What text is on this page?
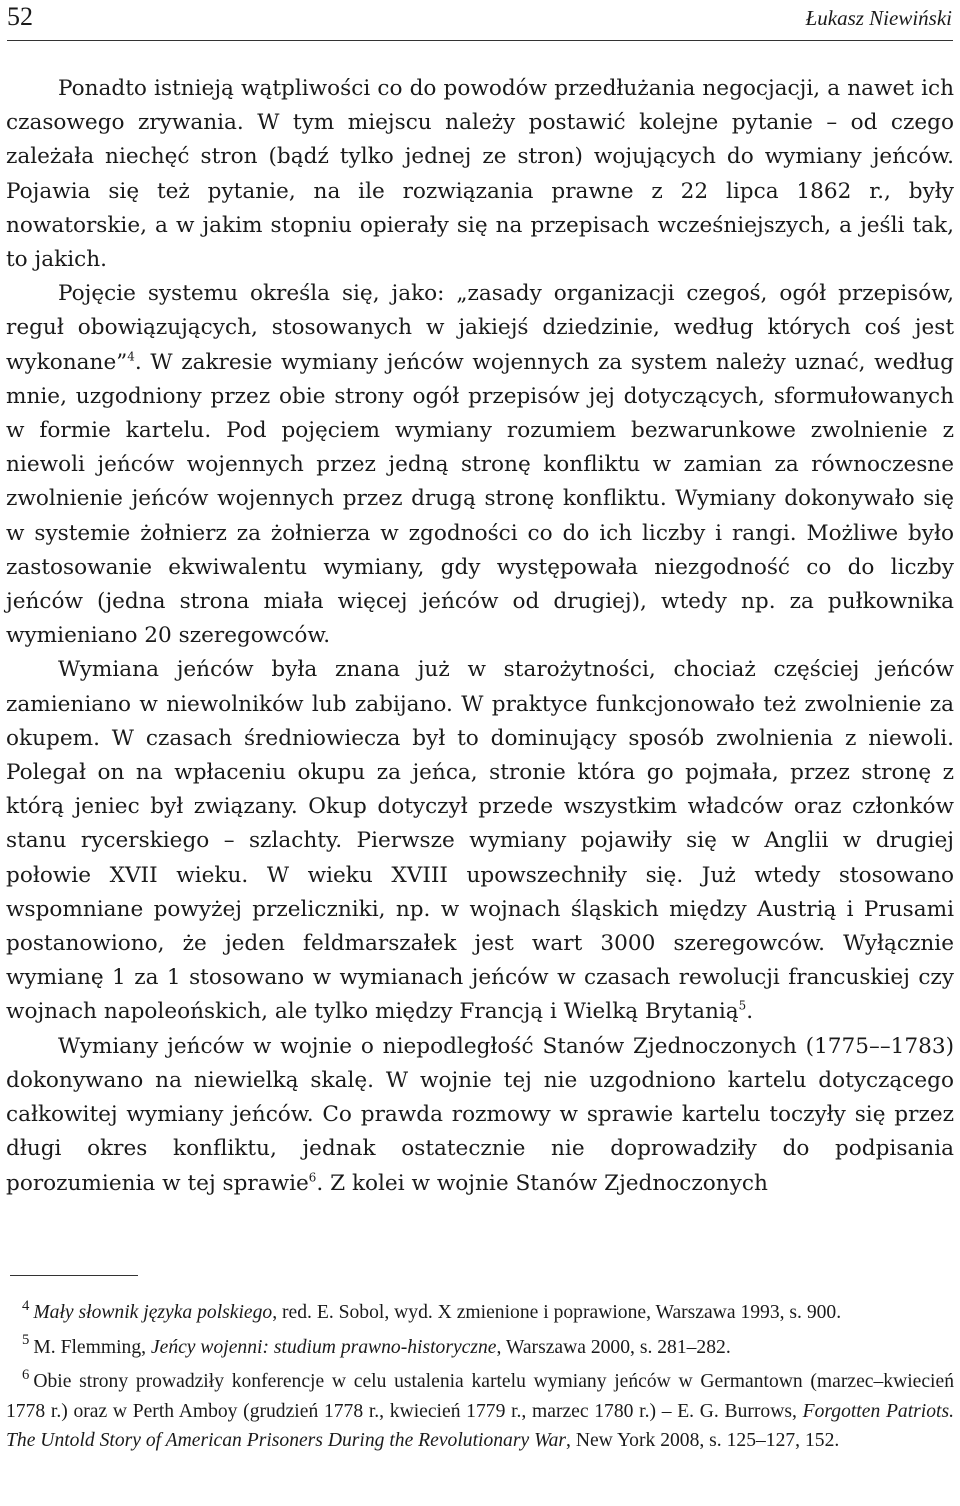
52	Łukasz Niewiński

Ponadto istnieją wątpliwości co do powodów przedłużania negocjacji, a nawet ich czasowego zrywania. W tym miejscu należy postawić kolejne pytanie – od czego zależała niechęć stron (bądź tylko jednej ze stron) wojujących do wymiany jeńców. Pojawia się też pytanie, na ile rozwiązania prawne z 22 lipca 1862 r., były nowatorskie, a w jakim stopniu opierały się na przepisach wcześniejszych, a jeśli tak, to jakich.

Pojęcie systemu określa się, jako: „zasady organizacji czegoś, ogół przepisów, reguł obowiązujących, stosowanych w jakiejś dziedzinie, według których coś jest wykonane”$^4$. W zakresie wymiany jeńców wojennych za system należy uznać, według mnie, uzgodniony przez obie strony ogół przepisów jej dotyczących, sformułowanych w formie kartelu. Pod pojęciem wymiany rozumiem bezwarunkowe zwolnienie z niewoli jeńców wojennych przez jedną stronę konfliktu w zamian za równoczesne zwolnienie jeńców wojennych przez drugą stronę konfliktu. Wymiany dokonywało się w systemie żołnierz za żołnierza w zgodności co do ich liczby i rangi. Możliwe było zastosowanie ekwiwalentu wymiany, gdy występowała niezgodność co do liczby jeńców (jedna strona miała więcej jeńców od drugiej), wtedy np. za pułkownika wymieniano 20 szeregowców.

Wymiana jeńców była znana już w starożytności, chociaż częściej jeńców zamieniano w niewolników lub zabijano. W praktyce funkcjonowało też zwolnienie za okupem. W czasach średniowiecza był to dominujący sposób zwolnienia z niewoli. Polegał on na wpłaceniu okupu za jeńca, stronie która go pojmała, przez stronę z którą jeniec był związany. Okup dotyczył przede wszystkim władców oraz członków stanu rycerskiego – szlachty. Pierwsze wymiany pojawiły się w Anglii w drugiej połowie XVII wieku. W wieku XVIII upowszechniły się. Już wtedy stosowano wspomniane powyżej przeliczniki, np. w wojnach śląskich między Austrią i Prusami postanowiono, że jeden feldmarszałek jest wart 3000 szeregowców. Wyłącznie wymianę 1 za 1 stosowano w wymianach jeńców w czasach rewolucji francuskiej czy wojnach napoleońskich, ale tylko między Francją i Wielką Brytanią$^5$.

Wymiany jeńców w wojnie o niepodległość Stanów Zjednoczonych (1775––1783) dokonywano na niewielką skalę. W wojnie tej nie uzgodniono kartelu dotyczącego całkowitej wymiany jeńców. Co prawda rozmowy w sprawie kartelu toczyły się przez długi okres konfliktu, jednak ostatecznie nie doprowadziły do podpisania porozumienia w tej sprawie$^6$. Z kolei w wojnie Stanów Zjednoczonych

$^4$ Mały słownik języka polskiego, red. E. Sobol, wyd. X zmienione i poprawione, Warszawa 1993, s. 900.

$^5$ M. Flemming, Jeńcy wojenni: studium prawno-historyczne, Warszawa 2000, s. 281–282.

$^6$ Obie strony prowadziły konferencje w celu ustalenia kartelu wymiany jeńców w Germantown (marzec–kwiecień 1778 r.) oraz w Perth Amboy (grudzień 1778 r., kwiecień 1779 r., marzec 1780 r.) – E. G. Burrows, Forgotten Patriots. The Untold Story of American Prisoners During the Revolutionary War, New York 2008, s. 125–127, 152.
